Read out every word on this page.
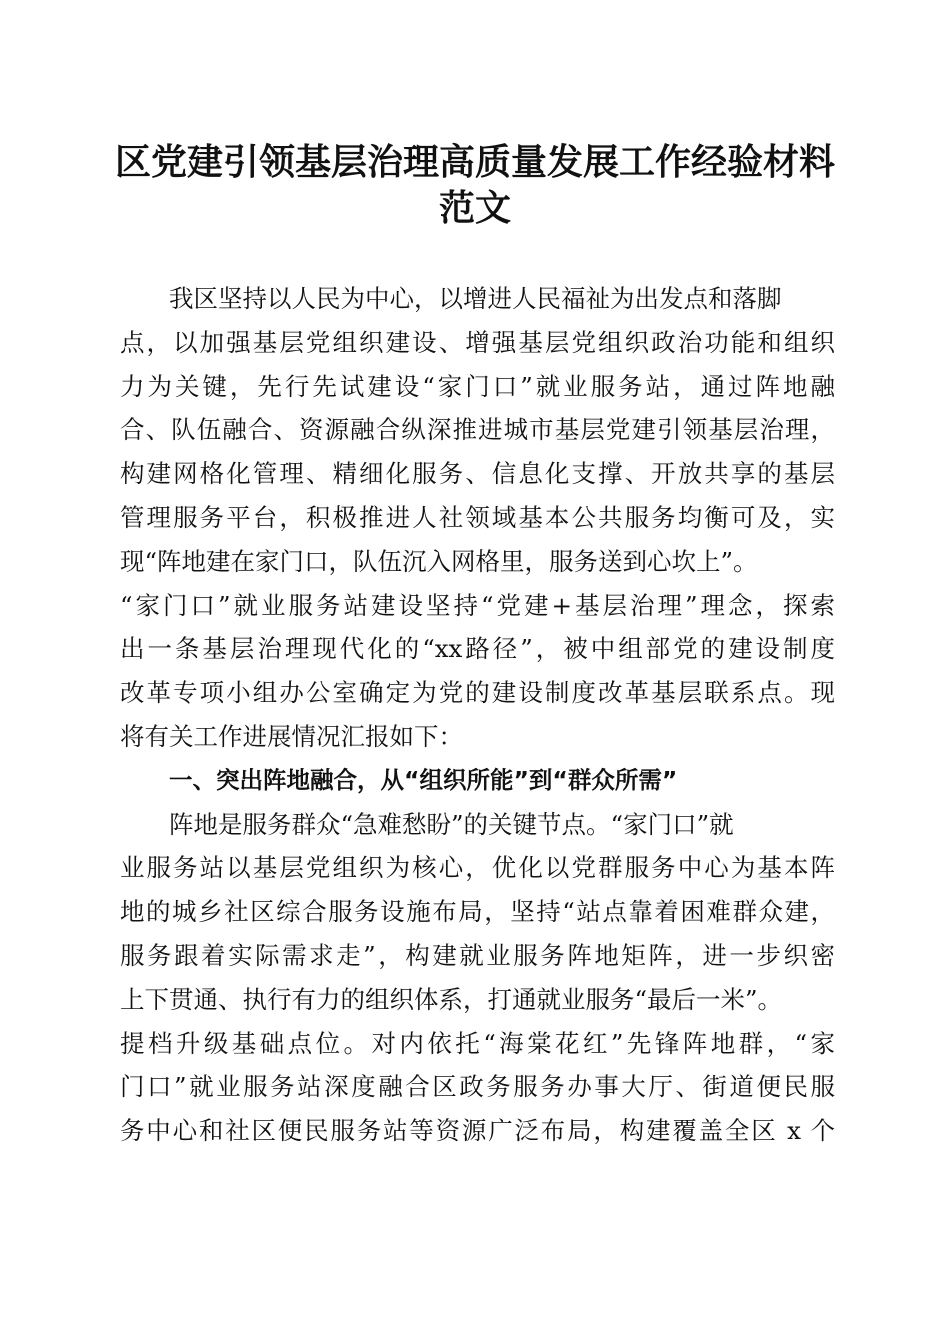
区党建引领基层治理高质量发展工作经验材料
范文
我区坚持以人民为中心，以增进人民福祉为出发点和落脚
点，以加强基层党组织建设、增强基层党组织政治功能和组织
力为关键，先行先试建设“家门口”就业服务站，通过阵地融
合、队伍融合、资源融合纵深推进城市基层党建引领基层治理，
构建网格化管理、精细化服务、信息化支撑、开放共享的基层
管理服务平台，积极推进人社领域基本公共服务均衡可及，实
现“阵地建在家门口，队伍沉入网格里，服务送到心坎上”。
“家门口”就业服务站建设坚持“党建+基层治理”理念，探索
出一条基层治理现代化的“xx路径”，被中组部党的建设制度
改革专项小组办公室确定为党的建设制度改革基层联系点。现
将有关工作进展情况汇报如下：
一、突出阵地融合，从“组织所能”到“群众所需”
阵地是服务群众“急难愁盼”的关键节点。“家门口”就
业服务站以基层党组织为核心，优化以党群服务中心为基本阵
地的城乡社区综合服务设施布局，坚持“站点靠着困难群众建，
服务跟着实际需求走”，构建就业服务阵地矩阵，进一步织密
上下贯通、执行有力的组织体系，打通就业服务“最后一米”。
提档升级基础点位。对内依托“海棠花红”先锋阵地群，“家
门口”就业服务站深度融合区政务服务办事大厅、街道便民服
务中心和社区便民服务站等资源广泛布局，构建覆盖全区 x 个
